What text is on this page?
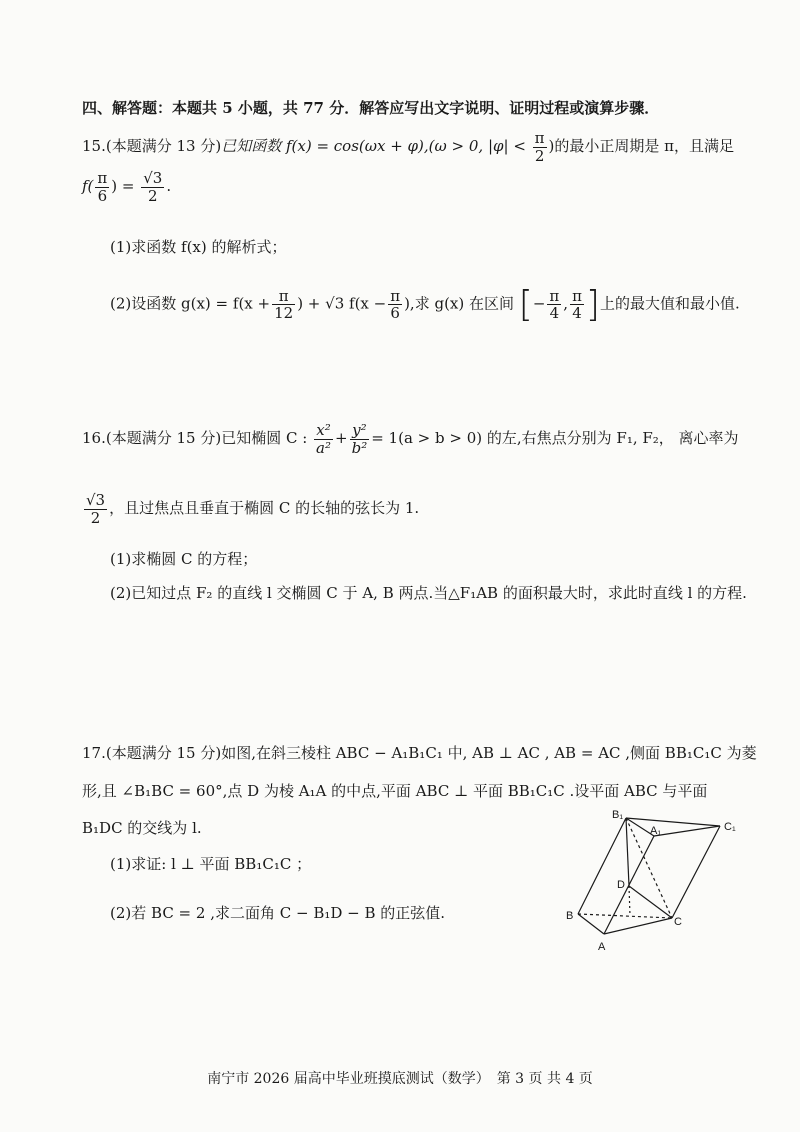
四、解答题：本题共 5 小题，共 77 分．解答应写出文字说明、证明过程或演算步骤．
15.(本题满分 13 分)已知函数 f(x) = cos(ωx + φ),(ω > 0, $|\varphi| < \frac{\pi}{2}$ )的最小正周期是 π，且满足
$f( \frac{\pi}{6}$ ) = $\frac{√3}{2}$ .
(1)求函数 f(x) 的解析式；
(2)设函数 $g(x) = f(x + \frac{\pi}{12}$ ) + √3 $f(x - \frac{\pi}{6}$ ),求 g(x) 在区间 [− $\frac{\pi}{4}$ , $\frac{\pi}{4}$ ]上的最大值和最小值.
16.(本题满分 15 分)已知椭圆 C : $\frac{\text{x²}}{\text{a²}} + \frac{\text{y²}}{\text{b²}} = 1(a > b > 0)$ 的左,右焦点分别为 F₁, F₂， 离心率为
$\frac{√3}{2}$ ，且过焦点且垂直于椭圆 C 的长轴的弦长为 1.
(1)求椭圆 C 的方程；
(2)已知过点 F₂ 的直线 l 交椭圆 C 于 A, B 两点.当△F₁AB 的面积最大时，求此时直线 l 的方程.
17.(本题满分 15 分)如图,在斜三棱柱 ABC − A₁B₁C₁ 中, AB ⊥ AC , AB = AC ,侧面 BB₁C₁C 为菱
形,且 ∠B₁BC = 60°,点 D 为棱 A₁A 的中点,平面 ABC ⊥ 平面 BB₁C₁C .设平面 ABC 与平面
B₁DC 的交线为 l.
(1)求证: l ⊥ 平面 BB₁C₁C ；
(2)若 BC = 2 ,求二面角 C − B₁D − B 的正弦值.
B₁
A₁	C₁
D
B	C
A
南宁市 2026 届高中毕业班摸底测试（数学）　第 3 页 共 4 页
